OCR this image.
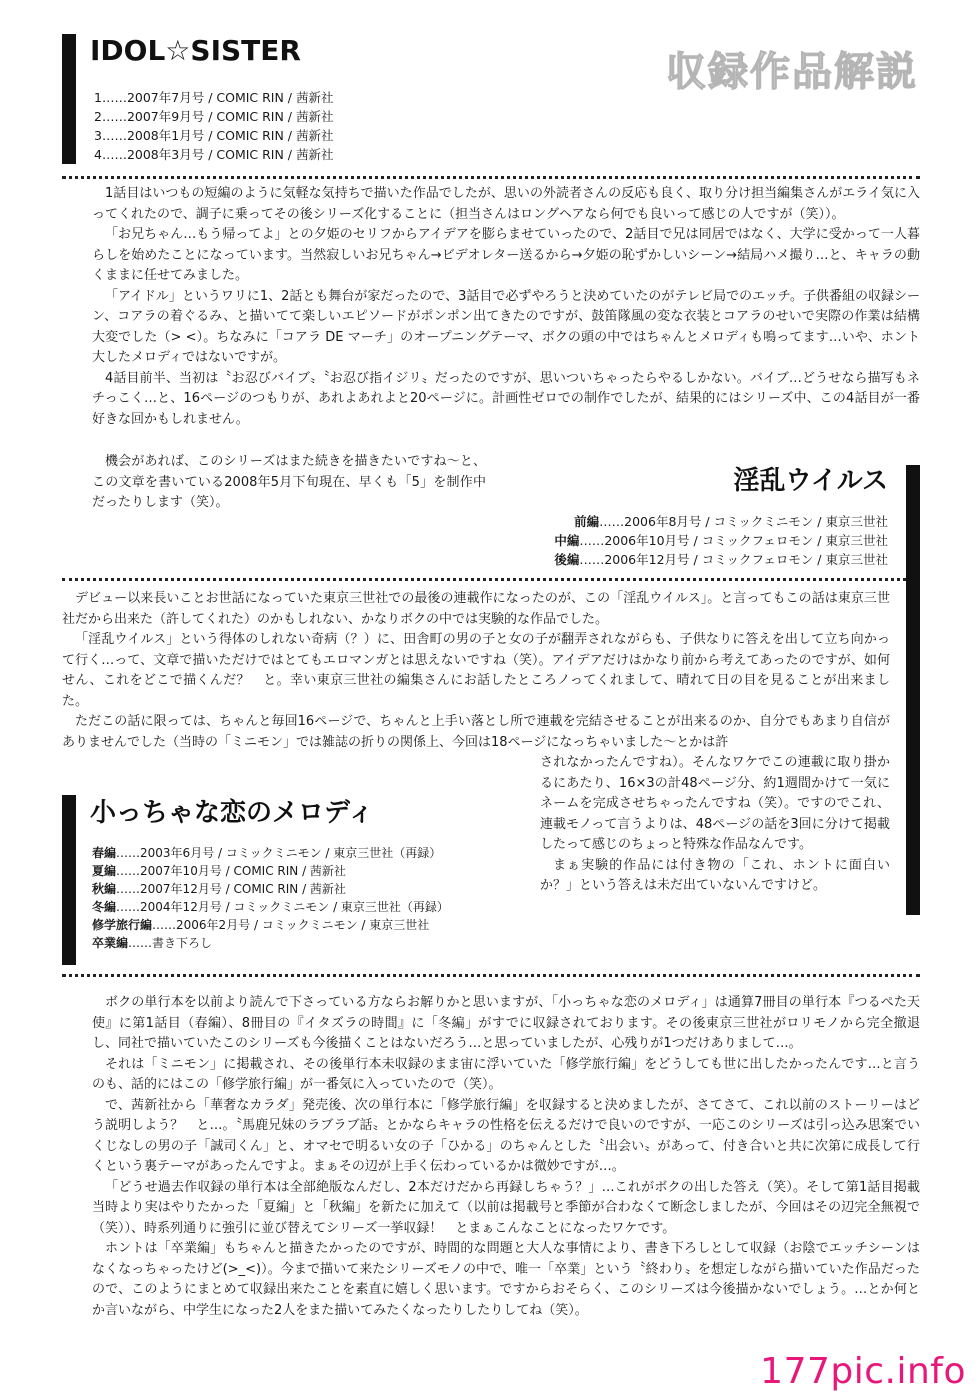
IDOL☆SISTER	収録作品解説
1……2007年7月号 / COMIC RIN / 茜新社
2……2007年9月号 / COMIC RIN / 茜新社
3……2008年1月号 / COMIC RIN / 茜新社
4……2008年3月号 / COMIC RIN / 茜新社

1話目はいつもの短編のように気軽な気持ちで描いた作品でしたが、思いの外読者さんの反応も良く、取り分け担当編集さんがエライ気に入ってくれたので、調子に乗ってその後シリーズ化することに（担当さんはロングヘアなら何でも良いって感じの人ですが（笑））。

「お兄ちゃん…もう帰ってよ」との夕姫のセリフからアイデアを膨らませていったので、2話目で兄は同居ではなく、大学に受かって一人暮らしを始めたことになっています。当然寂しいお兄ちゃん→ビデオレター送るから→夕姫の恥ずかしいシーン→結局ハメ撮り…と、キャラの動くままに任せてみました。

「アイドル」というワリに1、2話とも舞台が家だったので、3話目で必ずやろうと決めていたのがテレビ局でのエッチ。子供番組の収録シーン、コアラの着ぐるみ、と描いてて楽しいエピソードがポンポン出てきたのですが、鼓笛隊風の変な衣装とコアラのせいで実際の作業は結構大変でした（> <）。ちなみに「コアラ DE マーチ」のオープニングテーマ、ボクの頭の中ではちゃんとメロディも鳴ってます…いや、ホント大したメロディではないですが。

4話目前半、当初は〝お忍びバイブ〟〝お忍び指イジリ〟だったのですが、思いついちゃったらやるしかない。バイブ…どうせなら描写もネチっこく…と、16ページのつもりが、あれよあれよと20ページに。計画性ゼロでの制作でしたが、結果的にはシリーズ中、この4話目が一番好きな回かもしれません。

機会があれば、このシリーズはまた続きを描きたいですね〜と、この文章を書いている2008年5月下旬現在、早くも「5」を制作中だったりします（笑）。

淫乱ウイルス
前編……2006年8月号 / コミックミニモン / 東京三世社
中編……2006年10月号 / コミックフェロモン / 東京三世社
後編……2006年12月号 / コミックフェロモン / 東京三世社

デビュー以来長いことお世話になっていた東京三世社での最後の連載作になったのが、この「淫乱ウイルス」。と言ってもこの話は東京三世社だから出来た（許してくれた）のかもしれない、かなりボクの中では実験的な作品でした。

「淫乱ウイルス」という得体のしれない奇病（？）に、田舎町の男の子と女の子が翻弄されながらも、子供なりに答えを出して立ち向かって行く…って、文章で描いただけではとてもエロマンガとは思えないですね（笑）。アイデアだけはかなり前から考えてあったのですが、如何せん、これをどこで描くんだ？　と。幸い東京三世社の編集さんにお話したところノってくれまして、晴れて日の目を見ることが出来ました。

ただこの話に限っては、ちゃんと毎回16ページで、ちゃんと上手い落とし所で連載を完結させることが出来るのか、自分でもあまり自信がありませんでした（当時の「ミニモン」では雑誌の折りの関係上、今回は18ページになっちゃいました〜とかは許

されなかったんですね）。そんなワケでこの連載に取り掛かるにあたり、16×3の計48ページ分、約1週間かけて一気にネームを完成させちゃったんですね（笑）。ですのでこれ、連載モノって言うよりは、48ページの話を3回に分けて掲載したって感じのちょっと特殊な作品なんです。

まぁ実験的作品には付き物の「これ、ホントに面白いか？」という答えは未だ出ていないんですけど。

小っちゃな恋のメロディ
春編……2003年6月号 / コミックミニモン / 東京三世社（再録）
夏編……2007年10月号 / COMIC RIN / 茜新社
秋編……2007年12月号 / COMIC RIN / 茜新社
冬編……2004年12月号 / コミックミニモン / 東京三世社（再録）
修学旅行編……2006年2月号 / コミックミニモン / 東京三世社
卒業編……書き下ろし

ボクの単行本を以前より読んで下さっている方ならお解りかと思いますが、「小っちゃな恋のメロディ」は通算7冊目の単行本『つるぺた天使』に第1話目（春編）、8冊目の『イタズラの時間』に「冬編」がすでに収録されております。その後東京三世社がロリモノから完全撤退し、同社で描いていたこのシリーズも今後描くことはないだろう…と思っていましたが、心残りが1つだけありまして…。

それは「ミニモン」に掲載され、その後単行本未収録のまま宙に浮いていた「修学旅行編」をどうしても世に出したかったんです…と言うのも、話的にはこの「修学旅行編」が一番気に入っていたので（笑）。

で、茜新社から「華奢なカラダ」発売後、次の単行本に「修学旅行編」を収録すると決めましたが、さてさて、これ以前のストーリーはどう説明しよう？　と…。〝馬鹿兄妹のラブラブ話〟とかならキャラの性格を伝えるだけで良いのですが、一応このシリーズは引っ込み思案でいくじなしの男の子「誠司くん」と、オマセで明るい女の子「ひかる」のちゃんとした〝出会い〟があって、付き合いと共に次第に成長して行くという裏テーマがあったんですよ。まぁその辺が上手く伝わっているかは微妙ですが…。

「どうせ過去作収録の単行本は全部絶版なんだし、2本だけだから再録しちゃう？」…これがボクの出した答え（笑）。そして第1話目掲載当時より実はやりたかった「夏編」と「秋編」を新たに加えて（以前は掲載号と季節が合わなくて断念しましたが、今回はその辺完全無視で（笑））、時系列通りに強引に並び替えてシリーズ一挙収録！　とまぁこんなことになったワケです。

ホントは「卒業編」もちゃんと描きたかったのですが、時間的な問題と大人な事情により、書き下ろしとして収録（お陰でエッチシーンはなくなっちゃったけど(>_<)）。今まで描いて来たシリーズモノの中で、唯一「卒業」という〝終わり〟を想定しながら描いていた作品だったので、このようにまとめて収録出来たことを素直に嬉しく思います。ですからおそらく、このシリーズは今後描かないでしょう。…とか何とか言いながら、中学生になった2人をまた描いてみたくなったりしたりしてね（笑）。

177pic.info
